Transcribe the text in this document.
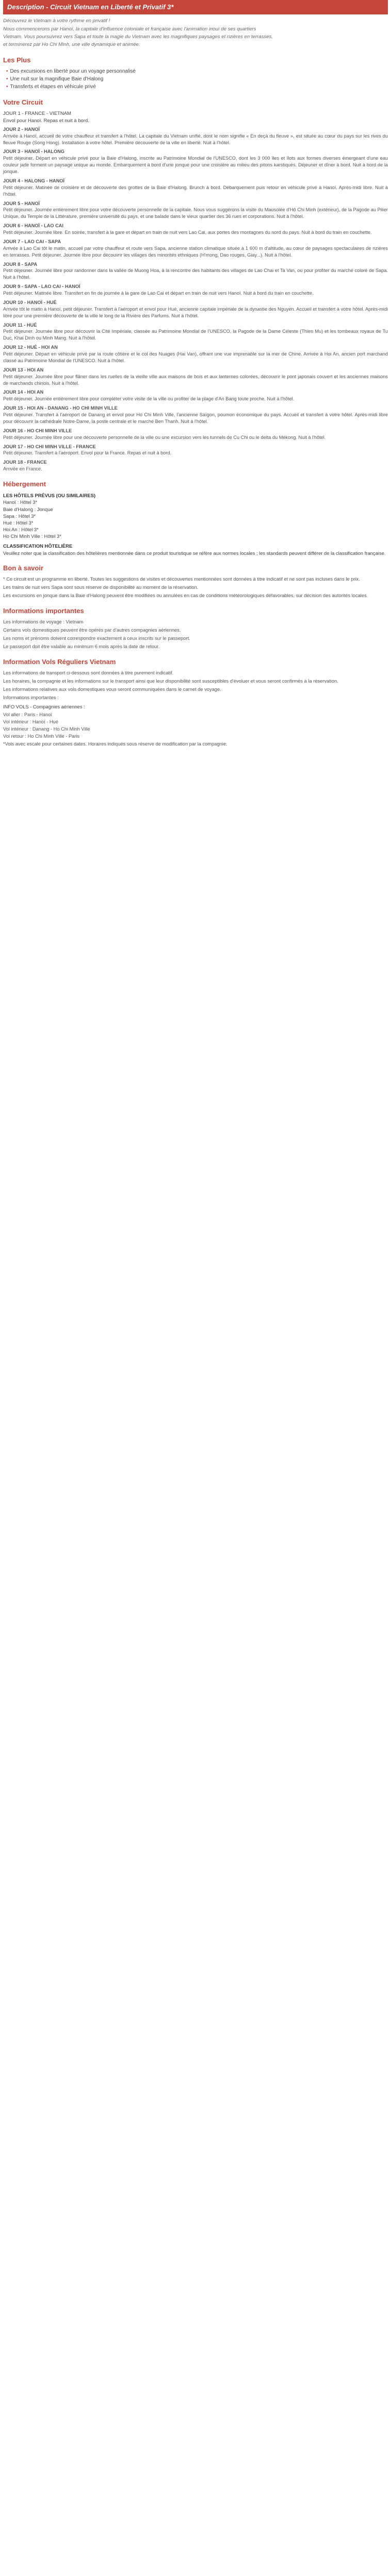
Description - Circuit Vietnam en Liberté et Privatif 3*

Découvrez le Vietnam à votre rythme en privatif !

Nous commencerons par Hanoï, la capitale d'influence coloniale et française avec l'animation inouï de ses quartiers

Vietnam. Vous poursuivrez vers Sapa et toute la magie du Vietnam avec les magnifiques paysages et rizières en terrasses,

et terminerez par Ho Chi Minh, une ville dynamique et animée.

Les Plus
• Des excursions en liberté pour un voyage personnalisé
• Une nuit sur la magnifique Baie d'Halong
• Transferts et étapes en véhicule privé
Votre Circuit
JOUR 1 - FRANCE - VIETNAM
Envol pour Hanoï. Repas et nuit à bord.
JOUR 2 - HANOÏ
Arrivée à Hanoï, accueil de votre chauffeur et transfert à l'hôtel. La capitale du Vietnam unifié, dont le nom signifie « En deçà du fleuve », est située au cœur du pays sur les rives du fleuve Rouge (Song Hong). Installation à votre hôtel. Première découverte de la ville en liberté. Nuit à l'hôtel.
JOUR 3 - HANOÏ - HALONG
Petit déjeuner. Départ en véhicule privé pour la Baie d'Halong, inscrite au Patrimoine Mondial de l'UNESCO, dont les 3 000 îles et îlots aux formes diverses émergeant d'une eau couleur jade forment un paysage unique au monde. Embarquement à bord d'une jonque pour une croisière au milieu des pitons karstiques. Déjeuner et dîner à bord. Nuit à bord de la jonque.
JOUR 4 - HALONG - HANOÏ
Petit déjeuner. Matinée de croisière et de découverte des grottes de la Baie d'Halong. Brunch à bord. Débarquement puis retour en véhicule privé à Hanoï. Après-midi libre. Nuit à l'hôtel.
JOUR 5 - HANOÏ
Petit déjeuner. Journée entièrement libre pour votre découverte personnelle de la capitale. Nous vous suggérons la visite du Mausolée d'Hô Chi Minh (extérieur), de la Pagode au Pilier Unique, du Temple de la Littérature, première université du pays, et une balade dans le vieux quartier des 36 rues et corporations. Nuit à l'hôtel.
JOUR 6 - HANOÏ - LAO CAI
Petit déjeuner. Journée libre. En soirée, transfert à la gare et départ en train de nuit vers Lao Cai, aux portes des montagnes du nord du pays. Nuit à bord du train en couchette.
JOUR 7 - LAO CAI - SAPA
Arrivée à Lao Cai tôt le matin, accueil par votre chauffeur et route vers Sapa, ancienne station climatique située à 1 600 m d'altitude, au cœur de paysages spectaculaires de rizières en terrasses. Petit déjeuner. Journée libre pour découvrir les villages des minorités ethniques (H'mong, Dao rouges, Giay...). Nuit à l'hôtel.
JOUR 8 - SAPA
Petit déjeuner. Journée libre pour randonner dans la vallée de Muong Hoa, à la rencontre des habitants des villages de Lao Chai et Ta Van, ou pour profiter du marché coloré de Sapa. Nuit à l'hôtel.
JOUR 9 - SAPA - LAO CAI - HANOÏ
Petit déjeuner. Matinée libre. Transfert en fin de journée à la gare de Lao Cai et départ en train de nuit vers Hanoï. Nuit à bord du train en couchette.
JOUR 10 - HANOÏ - HUÉ
Arrivée tôt le matin à Hanoï, petit déjeuner. Transfert à l'aéroport et envol pour Hué, ancienne capitale impériale de la dynastie des Nguyen. Accueil et transfert à votre hôtel. Après-midi libre pour une première découverte de la ville le long de la Rivière des Parfums. Nuit à l'hôtel.
JOUR 11 - HUÉ
Petit déjeuner. Journée libre pour découvrir la Cité Impériale, classée au Patrimoine Mondial de l'UNESCO, la Pagode de la Dame Céleste (Thien Mu) et les tombeaux royaux de Tu Duc, Khai Dinh ou Minh Mang. Nuit à l'hôtel.
JOUR 12 - HUÉ - HOI AN
Petit déjeuner. Départ en véhicule privé par la route côtière et le col des Nuages (Hai Van), offrant une vue imprenable sur la mer de Chine. Arrivée à Hoi An, ancien port marchand classé au Patrimoine Mondial de l'UNESCO. Nuit à l'hôtel.
JOUR 13 - HOI AN
Petit déjeuner. Journée libre pour flâner dans les ruelles de la vieille ville aux maisons de bois et aux lanternes colorées, découvrir le pont japonais couvert et les anciennes maisons de marchands chinois. Nuit à l'hôtel.
JOUR 14 - HOI AN
Petit déjeuner. Journée entièrement libre pour compléter votre visite de la ville ou profiter de la plage d'An Bang toute proche. Nuit à l'hôtel.
JOUR 15 - HOI AN - DANANG - HO CHI MINH VILLE
Petit déjeuner. Transfert à l'aéroport de Danang et envol pour Ho Chi Minh Ville, l'ancienne Saïgon, poumon économique du pays. Accueil et transfert à votre hôtel. Après-midi libre pour découvrir la cathédrale Notre-Dame, la poste centrale et le marché Ben Thanh. Nuit à l'hôtel.
JOUR 16 - HO CHI MINH VILLE
Petit déjeuner. Journée libre pour une découverte personnelle de la ville ou une excursion vers les tunnels de Cu Chi ou le delta du Mékong. Nuit à l'hôtel.
JOUR 17 - HO CHI MINH VILLE - FRANCE
Petit déjeuner. Transfert à l'aéroport. Envol pour la France. Repas et nuit à bord.
JOUR 18 - FRANCE
Arrivée en France.
Hébergement
LES HÔTELS PRÉVUS (OU SIMILAIRES)

Hanoï : Hôtel 3*

Baie d'Halong : Jonque

Sapa : Hôtel 3*

Hué : Hôtel 3*

Hoi An : Hôtel 3*

Ho Chi Minh Ville : Hôtel 3*

CLASSIFICATION HÔTELIÈRE

Veuillez noter que la classification des hôtelières mentionnée dans ce produit touristique se réfère aux normes locales ; les standards peuvent différer de la classification française.

Bon à savoir

* Ce circuit est un programme en liberté. Toutes les suggestions de visites et découvertes mentionnées sont données à titre indicatif et ne sont pas incluses dans le prix.

Les trains de nuit vers Sapa sont sous réserve de disponibilité au moment de la réservation.

Les excursions en jonque dans la Baie d'Halong peuvent être modifiées ou annulées en cas de conditions météorologiques défavorables, sur décision des autorités locales.

Informations importantes

Les informations de voyage : Vietnam

Certains vols domestiques peuvent être opérés par d'autres compagnies aériennes.

Les noms et prénoms doivent correspondre exactement à ceux inscrits sur le passeport.

Le passeport doit être valable au minimum 6 mois après la date de retour.

Information Vols Réguliers Vietnam

Les informations de transport ci-dessous sont données à titre purement indicatif.

Les horaires, la compagnie et les informations sur le transport ainsi que leur disponibilité sont susceptibles d'évoluer et vous seront confirmés à la réservation.

Les informations relatives aux vols domestiques vous seront communiquées dans le carnet de voyage.

Informations importantes :

INFO VOLS - Compagnies aériennes :
Vol aller : Paris - Hanoï
Vol intérieur : Hanoï - Hué
Vol intérieur : Danang - Ho Chi Minh Ville
Vol retour : Ho Chi Minh Ville - Paris

*Vols avec escale pour certaines dates. Horaires indiqués sous réserve de modification par la compagnie.
